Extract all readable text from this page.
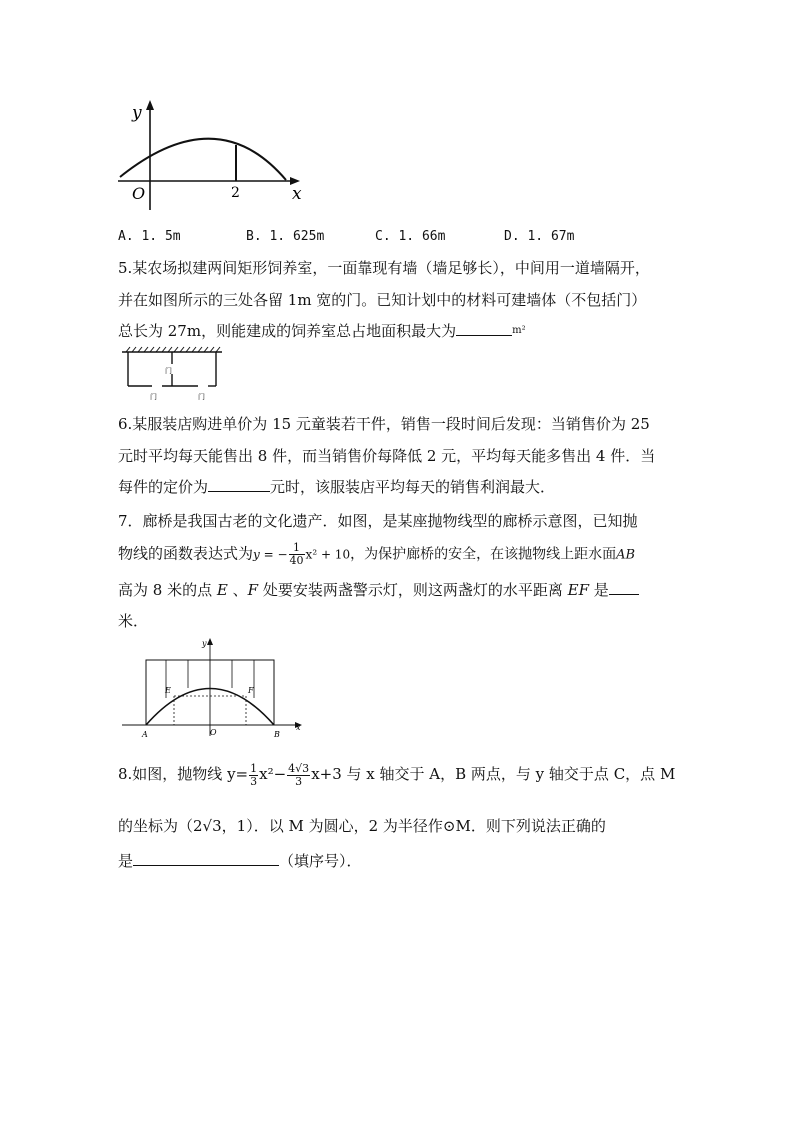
y
x
O	2
A. 1. 5m	B. 1. 625m	C. 1. 66m	D. 1. 67m
5.某农场拟建两间矩形饲养室，一面靠现有墙（墙足够长），中间用一道墙隔开，
并在如图所示的三处各留 1m 宽的门。已知计划中的材料可建墙体（不包括门）
总长为 27m，则能建成的饲养室总占地面积最大为	$^{m^2}$
门
门	门
6.某服装店购进单价为 15 元童装若干件，销售一段时间后发现：当销售价为 25
元时平均每天能售出 8 件，而当销售价每降低 2 元，平均每天能多售出 4 件．当
每件的定价为	元时，该服装店平均每天的销售利润最大．
7．廊桥是我国古老的文化遗产．如图，是某座抛物线型的廊桥示意图，已知抛
物线的函数表达式为y = − $\frac{1}{40} x^2 + 10$，为保护廊桥的安全，在该抛物线上距水面AB
高为 8 米的点 E 、F 处要安装两盏警示灯，则这两盏灯的水平距离 EF 是
米．
y
x
O
A	B
E	F
8.如图，抛物线 $y= \frac{1}{3} x^2- \frac{4√3}{3} x+3$ 与 x 轴交于 A，B 两点，与 y 轴交于点 C，点 M
的坐标为（2√3，1）．以 M 为圆心，2 为半径作⊙M．则下列说法正确的
是	（填序号）．
